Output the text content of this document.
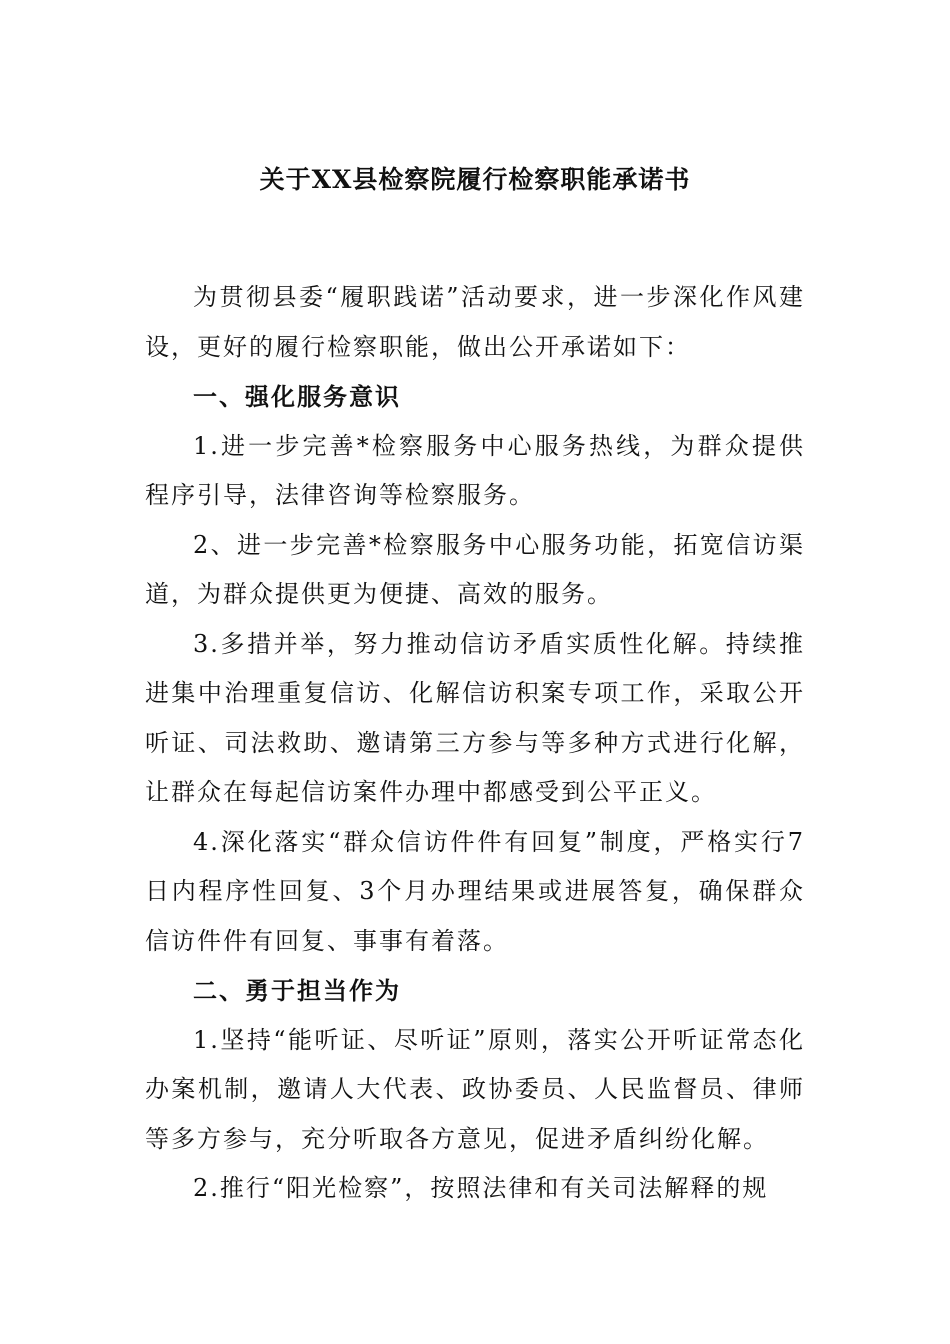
关于XX县检察院履行检察职能承诺书

为贯彻县委“履职践诺”活动要求，进一步深化作风建设，更好的履行检察职能，做出公开承诺如下：

一、强化服务意识

1.进一步完善*检察服务中心服务热线，为群众提供程序引导，法律咨询等检察服务。

2、进一步完善*检察服务中心服务功能，拓宽信访渠道，为群众提供更为便捷、高效的服务。

3.多措并举，努力推动信访矛盾实质性化解。持续推进集中治理重复信访、化解信访积案专项工作，采取公开听证、司法救助、邀请第三方参与等多种方式进行化解，让群众在每起信访案件办理中都感受到公平正义。

4.深化落实“群众信访件件有回复”制度，严格实行7日内程序性回复、3个月办理结果或进展答复，确保群众信访件件有回复、事事有着落。

二、勇于担当作为

1.坚持“能听证、尽听证”原则，落实公开听证常态化办案机制，邀请人大代表、政协委员、人民监督员、律师等多方参与，充分听取各方意见，促进矛盾纠纷化解。

2.推行“阳光检察”，按照法律和有关司法解释的规
